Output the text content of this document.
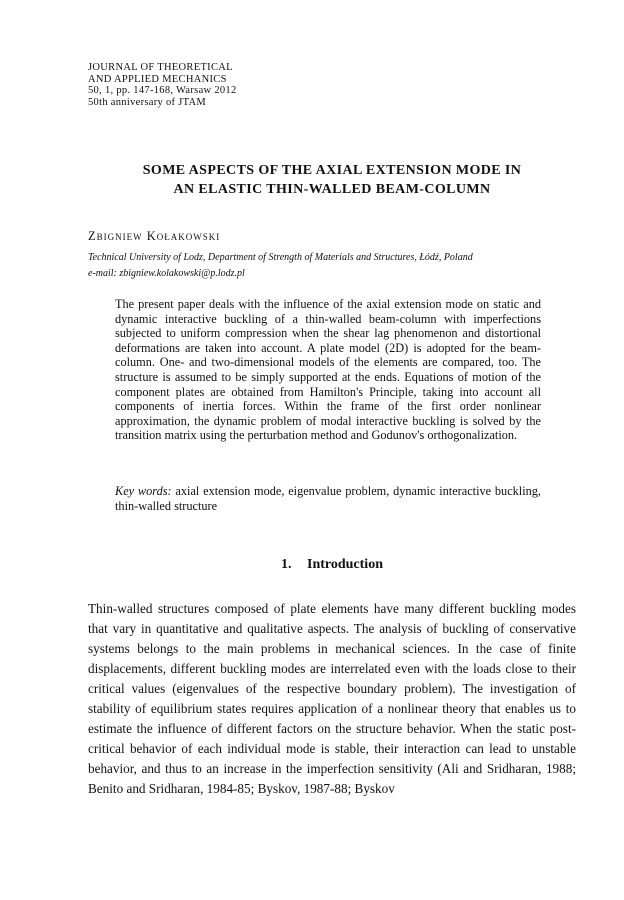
JOURNAL OF THEORETICAL
AND APPLIED MECHANICS
50, 1, pp. 147-168, Warsaw 2012
50th anniversary of JTAM
SOME ASPECTS OF THE AXIAL EXTENSION MODE IN
AN ELASTIC THIN-WALLED BEAM-COLUMN
Zbigniew Kołakowski
Technical University of Lodz, Department of Strength of Materials and Structures, Łódź, Poland
e-mail: zbigniew.kolakowski@p.lodz.pl
The present paper deals with the influence of the axial extension mode on static and dynamic interactive buckling of a thin-walled beam-column with imperfections subjected to uniform compression when the shear lag phenomenon and distortional deformations are taken into account. A plate model (2D) is adopted for the beam-column. One- and two-dimensional models of the elements are compared, too. The structure is assumed to be simply supported at the ends. Equations of motion of the component plates are obtained from Hamilton's Principle, taking into account all components of inertia forces. Within the frame of the first order nonlinear approximation, the dynamic problem of modal interactive buckling is solved by the transition matrix using the perturbation method and Godunov's orthogonalization.
Key words: axial extension mode, eigenvalue problem, dynamic interactive buckling, thin-walled structure
1. Introduction
Thin-walled structures composed of plate elements have many different buckling modes that vary in quantitative and qualitative aspects. The analysis of buckling of conservative systems belongs to the main problems in mechanical sciences. In the case of finite displacements, different buckling modes are interrelated even with the loads close to their critical values (eigenvalues of the respective boundary problem). The investigation of stability of equilibrium states requires application of a nonlinear theory that enables us to estimate the influence of different factors on the structure behavior. When the static post-critical behavior of each individual mode is stable, their interaction can lead to unstable behavior, and thus to an increase in the imperfection sensitivity (Ali and Sridharan, 1988; Benito and Sridharan, 1984-85; Byskov, 1987-88; Byskov
